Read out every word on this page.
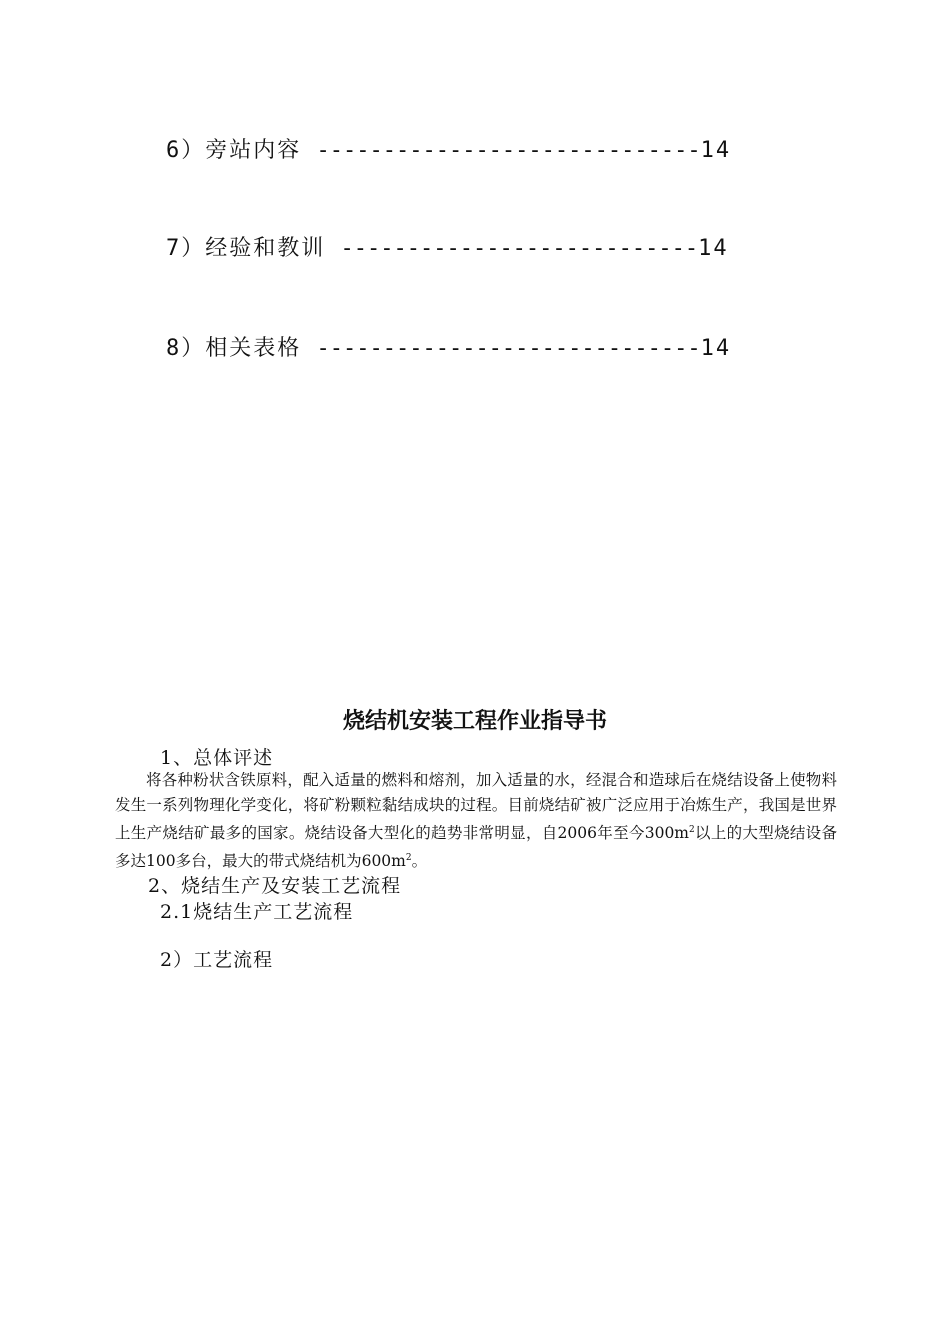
6）旁站内容 -----------------------------14
7）经验和教训 ---------------------------14
8）相关表格 -----------------------------14
烧结机安装工程作业指导书
1、总体评述

将各种粉状含铁原料，配入适量的燃料和熔剂，加入适量的水，经混合和造球后在烧结设备上使物料发生一系列物理化学变化，将矿粉颗粒黏结成块的过程。目前烧结矿被广泛应用于冶炼生产，我国是世界上生产烧结矿最多的国家。烧结设备大型化的趋势非常明显，自2006年至今$300m^2$以上的大型烧结设备多达100多台，最大的带式烧结机为$600m^2$。

2、烧结生产及安装工艺流程
2.1烧结生产工艺流程
2）工艺流程
